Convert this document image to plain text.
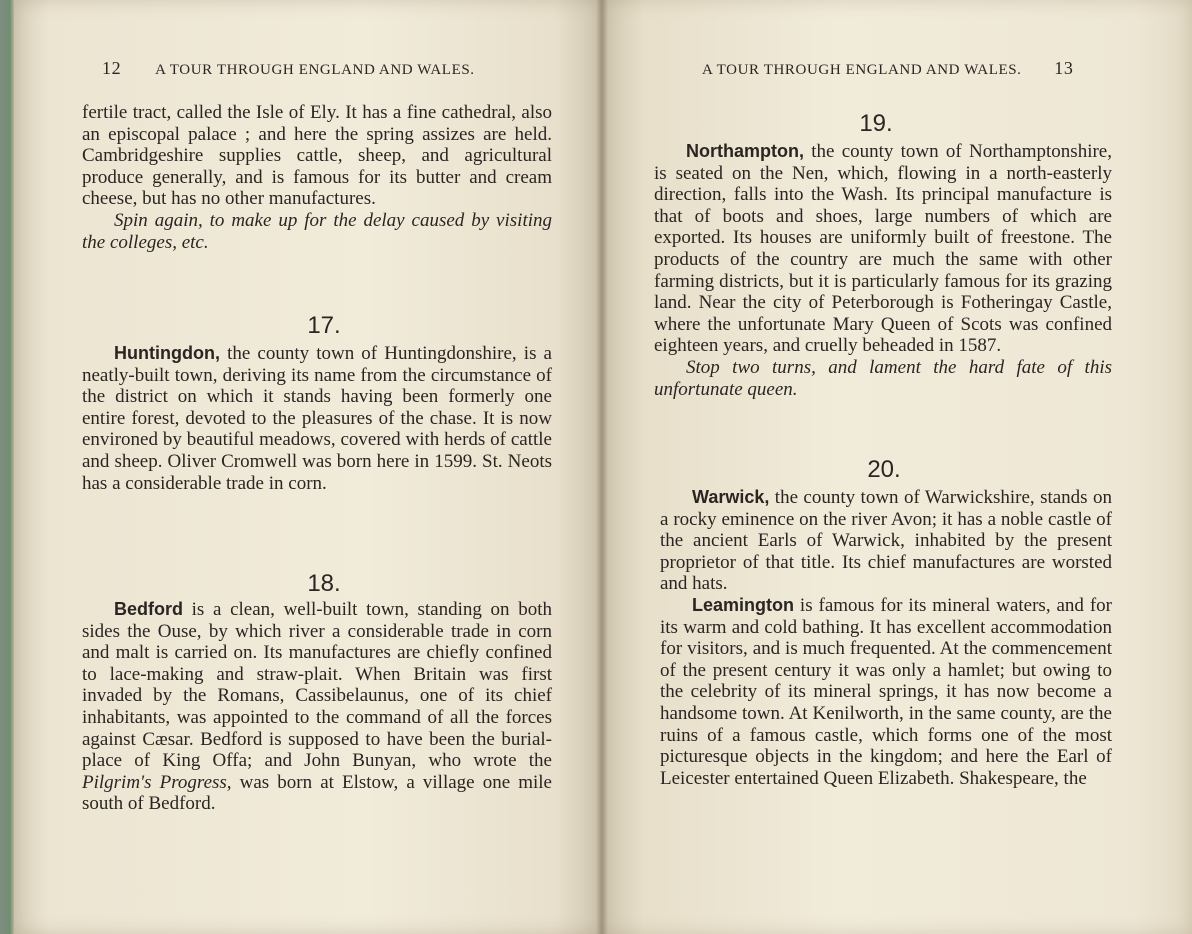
12 A TOUR THROUGH ENGLAND AND WALES.

fertile tract, called the Isle of Ely. It has a fine cathedral, also an episcopal palace ; and here the spring assizes are held. Cambridgeshire supplies cattle, sheep, and agricultural produce generally, and is famous for its butter and cream cheese, but has no other manufactures.

Spin again, to make up for the delay caused by visiting the colleges, etc.

17.

Huntingdon, the county town of Huntingdonshire, is a neatly-built town, deriving its name from the circumstance of the district on which it stands having been formerly one entire forest, devoted to the pleasures of the chase. It is now environed by beautiful meadows, covered with herds of cattle and sheep. Oliver Cromwell was born here in 1599. St. Neots has a considerable trade in corn.

18.

Bedford is a clean, well-built town, standing on both sides the Ouse, by which river a considerable trade in corn and malt is carried on. Its manufactures are chiefly confined to lace-making and straw-plait. When Britain was first invaded by the Romans, Cassibelaunus, one of its chief inhabitants, was appointed to the command of all the forces against Cæsar. Bedford is supposed to have been the burial-place of King Offa; and John Bunyan, who wrote the Pilgrim's Progress, was born at Elstow, a village one mile south of Bedford.

A TOUR THROUGH ENGLAND AND WALES. 13
19.

Northampton, the county town of Northamptonshire, is seated on the Nen, which, flowing in a north-easterly direction, falls into the Wash. Its principal manufacture is that of boots and shoes, large numbers of which are exported. Its houses are uniformly built of freestone. The products of the country are much the same with other farming districts, but it is particularly famous for its grazing land. Near the city of Peterborough is Fotheringay Castle, where the unfortunate Mary Queen of Scots was confined eighteen years, and cruelly beheaded in 1587.

Stop two turns, and lament the hard fate of this unfortunate queen.

20.

Warwick, the county town of Warwickshire, stands on a rocky eminence on the river Avon; it has a noble castle of the ancient Earls of Warwick, inhabited by the present proprietor of that title. Its chief manufactures are worsted and hats.

Leamington is famous for its mineral waters, and for its warm and cold bathing. It has excellent accommodation for visitors, and is much frequented. At the commencement of the present century it was only a hamlet; but owing to the celebrity of its mineral springs, it has now become a handsome town. At Kenilworth, in the same county, are the ruins of a famous castle, which forms one of the most picturesque objects in the kingdom; and here the Earl of Leicester entertained Queen Elizabeth. Shakespeare, the
